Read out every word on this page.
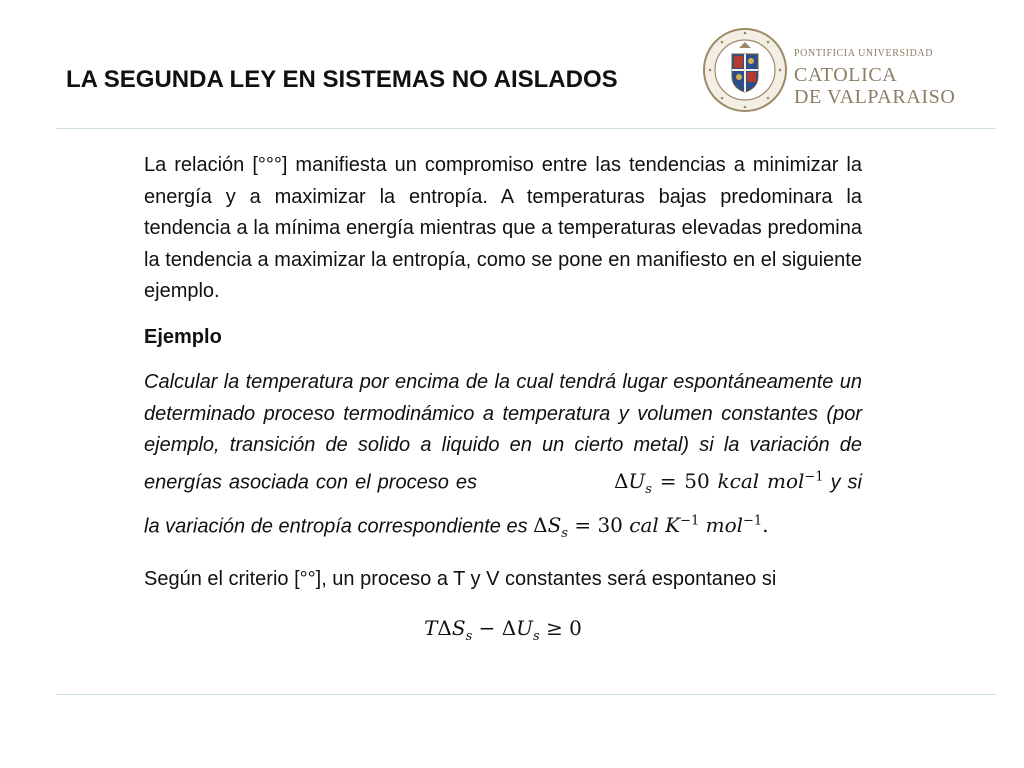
LA SEGUNDA LEY EN SISTEMAS NO AISLADOS
PONTIFICIA UNIVERSIDAD
CATOLICA
DE VALPARAISO

La relación [°°°] manifiesta un compromiso entre las tendencias a minimizar la energía y a maximizar la entropía. A temperaturas bajas predominara la tendencia a la mínima energía mientras que a temperaturas elevadas predomina la tendencia a maximizar la entropía, como se pone en manifiesto en el siguiente ejemplo.

Ejemplo

Calcular la temperatura por encima de la cual tendrá lugar espontáneamente un determinado proceso termodinámico a temperatura y volumen constantes (por ejemplo, transición de solido a liquido en un cierto metal) si la variación de energías asociada con el proceso es	$\Delta U_s = 50$ kcal mol$^{-1}$ y si la variación de entropía correspondiente es $\Delta S_s = 30$ cal $K^{-1}$ mol$^{-1}$.

Según el criterio [°°], un proceso a T y V constantes será espontaneo si

$T\Delta S_s - \Delta U_s \ge 0$
